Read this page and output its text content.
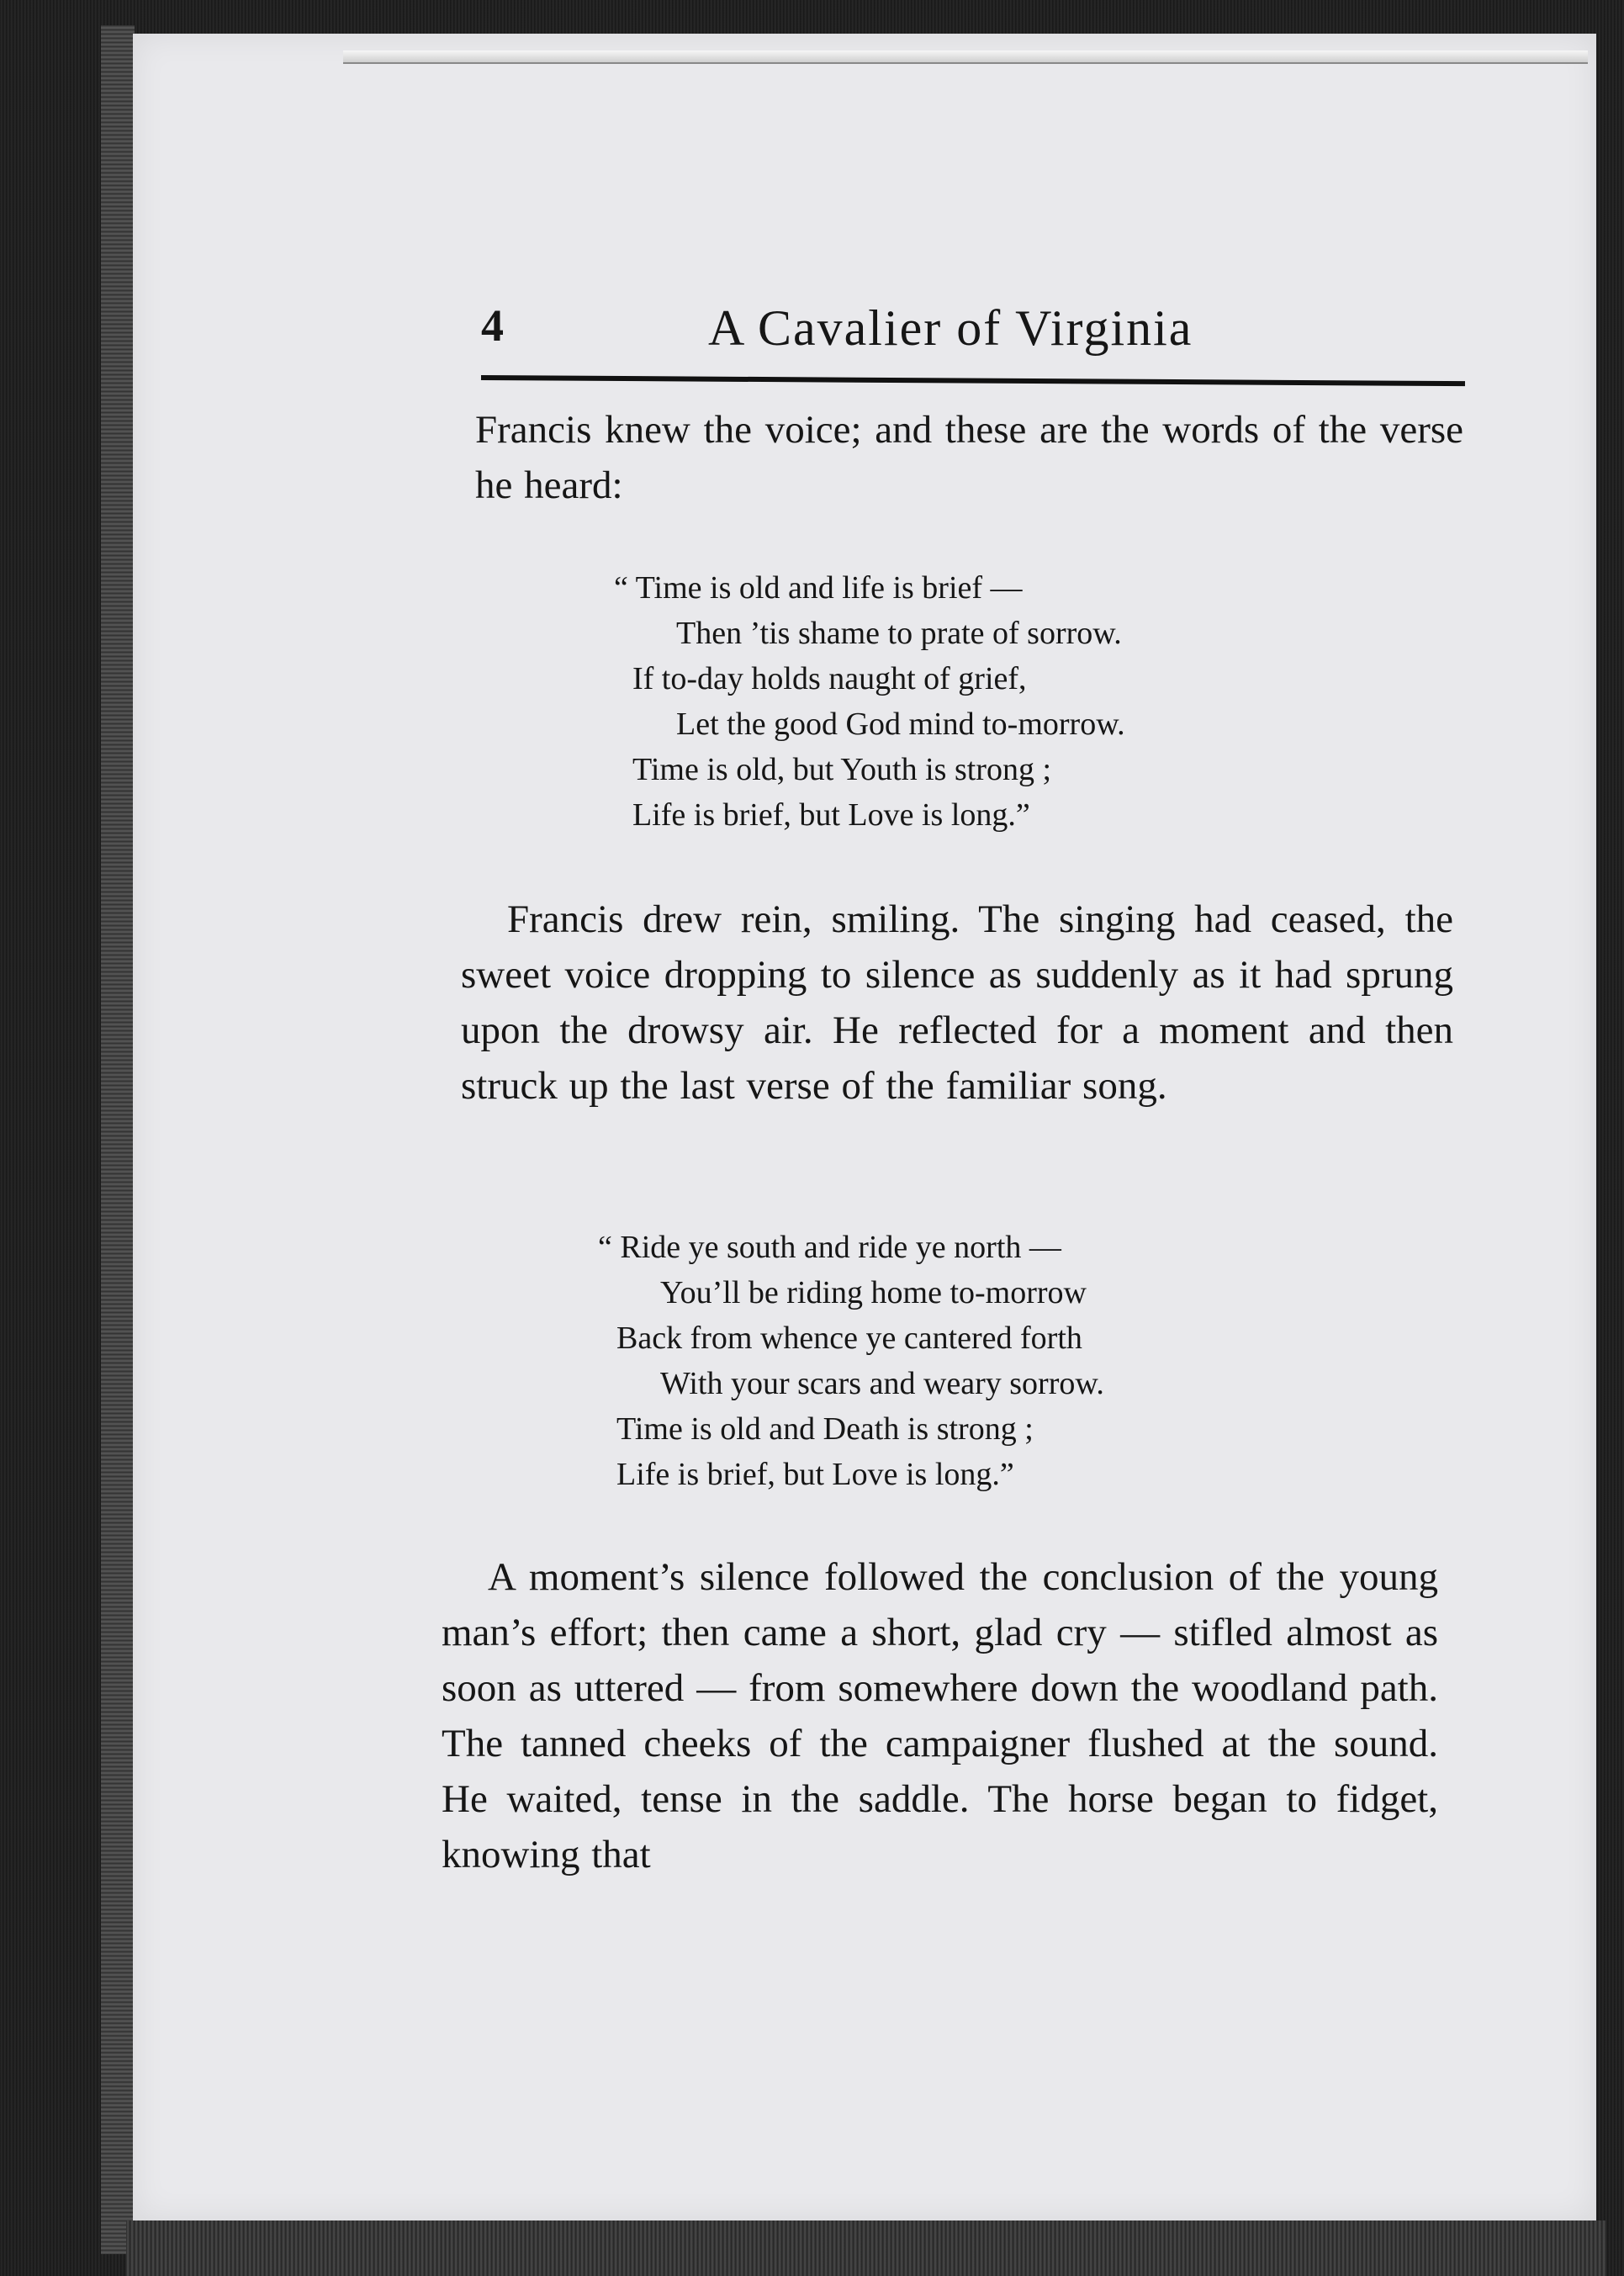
4	A Cavalier of Virginia

Francis knew the voice; and these are the words of the verse he heard:

“ Time is old and life is brief —
Then ’tis shame to prate of sorrow.
If to-day holds naught of grief,
Let the good God mind to-morrow.
Time is old, but Youth is strong ;
Life is brief, but Love is long.”

Francis drew rein, smiling. The singing had ceased, the sweet voice dropping to silence as suddenly as it had sprung upon the drowsy air. He reflected for a moment and then struck up the last verse of the familiar song.

“ Ride ye south and ride ye north —
You’ll be riding home to-morrow
Back from whence ye cantered forth
With your scars and weary sorrow.
Time is old and Death is strong ;
Life is brief, but Love is long.”

A moment’s silence followed the conclusion of the young man’s effort; then came a short, glad cry — stifled almost as soon as uttered — from somewhere down the woodland path. The tanned cheeks of the campaigner flushed at the sound. He waited, tense in the saddle. The horse began to fidget, knowing that
